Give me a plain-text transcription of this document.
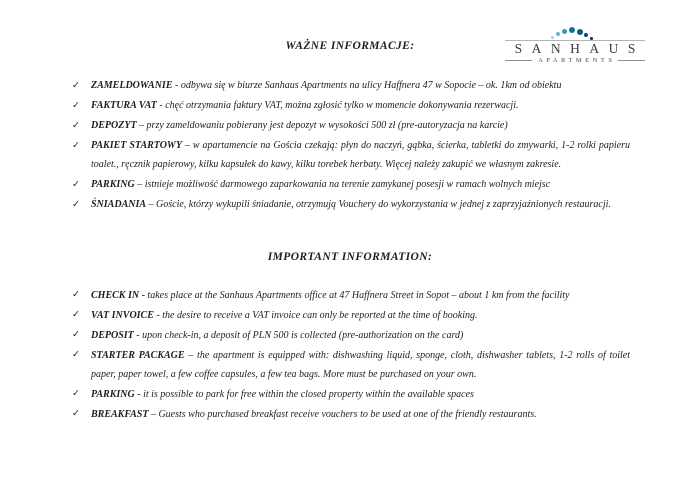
SANHAUS
APARTMENTS
WAŻNE INFORMACJE:
✓	ZAMELDOWANIE - odbywa się w biurze Sanhaus Apartments na ulicy Haffnera 47 w Sopocie – ok. 1km od obiektu
✓	FAKTURA VAT - chęć otrzymania faktury VAT, można zgłosić tylko w momencie dokonywania rezerwacji.
✓	DEPOZYT – przy zameldowaniu pobierany jest depozyt w wysokości 500 zł (pre-autoryzacja na karcie)
✓	PAKIET STARTOWY – w apartamencie na Gościa czekają: płyn do naczyń, gąbka, ścierka, tabletki do zmywarki, 1-2 rolki papieru toalet., ręcznik papierowy, kilku kapsułek do kawy, kilku torebek herbaty. Więcej należy zakupić we własnym zakresie.
✓	PARKING – istnieje możliwość darmowego zaparkowania na terenie zamykanej posesji w ramach wolnych miejsc
✓	ŚNIADANIA – Goście, którzy wykupili śniadanie, otrzymują Vouchery do wykorzystania w jednej z zaprzyjaźnionych restauracji.
IMPORTANT INFORMATION:
✓	CHECK IN - takes place at the Sanhaus Apartments office at 47 Haffnera Street in Sopot – about 1 km from the facility
✓	VAT INVOICE - the desire to receive a VAT invoice can only be reported at the time of booking.
✓	DEPOSIT - upon check-in, a deposit of PLN 500 is collected (pre-authorization on the card)
✓	STARTER PACKAGE – the apartment is equipped with: dishwashing liquid, sponge, cloth, dishwasher tablets, 1-2 rolls of toilet paper, paper towel, a few coffee capsules, a few tea bags. More must be purchased on your own.
✓	PARKING - it is possible to park for free within the closed property within the available spaces
✓	BREAKFAST – Guests who purchased breakfast receive vouchers to be used at one of the friendly restaurants.
